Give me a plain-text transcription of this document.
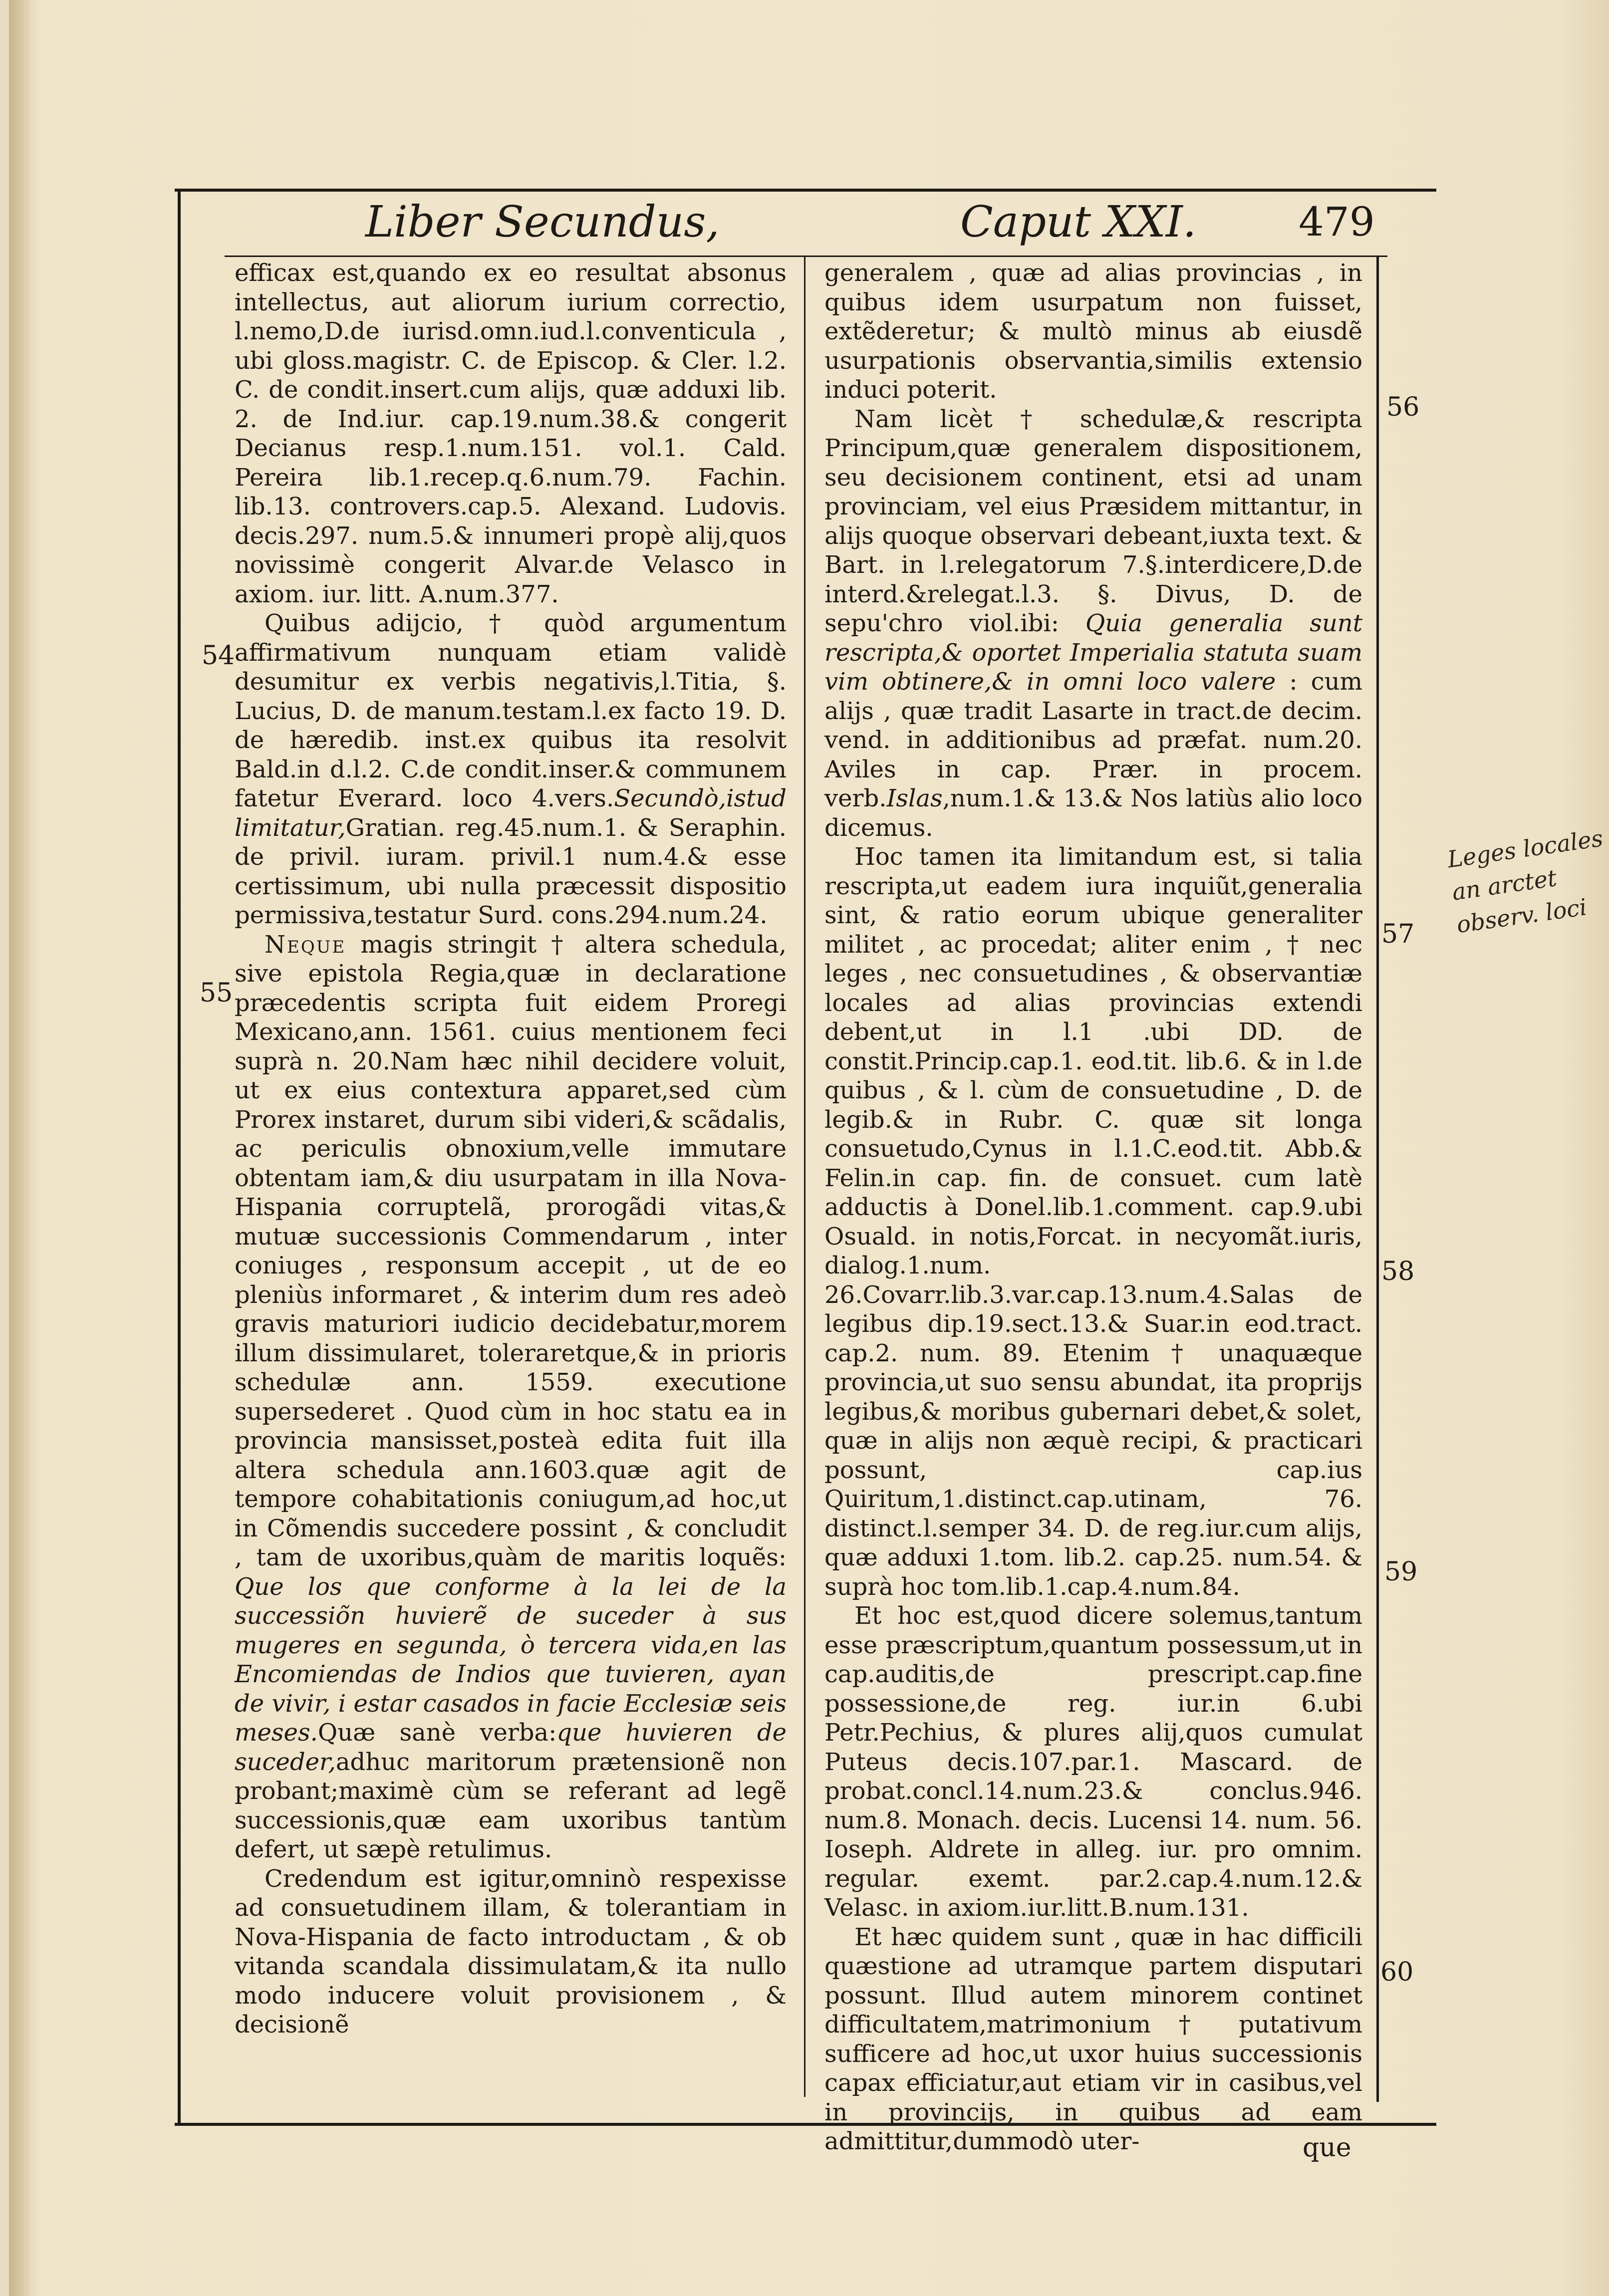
Liber Secundus,	Caput XXI.	479

efficax est,quando ex eo resultat absonus intellectus, aut aliorum iurium correctio, l.nemo,D.de iurisd.omn.iud.l.conventicula , ubi gloss.magistr. C. de Episcop. & Cler. l.2. C. de condit.insert.cum alijs, quæ adduxi lib. 2. de Ind.iur. cap.19.num.38.& congerit Decianus resp.1.num.151. vol.1. Cald. Pereira lib.1.recep.q.6.num.79. Fachin. lib.13. controvers.cap.5. Alexand. Ludovis. decis.297. num.5.& innumeri propè alij,quos novissimè congerit Alvar.de Velasco in axiom. iur. litt. A.num.377.

Quibus adijcio, † quòd argumentum affirmativum nunquam etiam validè desumitur ex verbis negativis,l.Titia, §. Lucius, D. de manum.testam.l.ex facto 19. D. de hæredib. inst.ex quibus ita resolvit Bald.in d.l.2. C.de condit.inser.& communem fatetur Everard. loco 4.vers.Secundò,istud limitatur,Gratian. reg.45.num.1. & Seraphin. de privil. iuram. privil.1 num.4.& esse certissimum, ubi nulla præcessit dispositio permissiva,testatur Surd. cons.294.num.24.

Neque magis stringit † altera schedula, sive epistola Regia,quæ in declaratione præcedentis scripta fuit eidem Proregi Mexicano,ann. 1561. cuius mentionem feci suprà n. 20.Nam hæc nihil decidere voluit, ut ex eius contextura apparet,sed cùm Prorex instaret, durum sibi videri,& scãdalis, ac periculis obnoxium,velle immutare obtentam iam,& diu usurpatam in illa Nova-Hispania corruptelã, prorogãdi vitas,& mutuæ successionis Commendarum , inter coniuges , responsum accepit , ut de eo pleniùs informaret , & interim dum res adeò gravis maturiori iudicio decidebatur,morem illum dissimularet, toleraretque,& in prioris schedulæ ann. 1559. executione supersederet . Quod cùm in hoc statu ea in provincia mansisset,posteà edita fuit illa altera schedula ann.1603.quæ agit de tempore cohabitationis coniugum,ad hoc,ut in Cõmendis succedere possint , & concludit , tam de uxoribus,quàm de maritis loquẽs: Que los que conforme à la lei de la successiõn huvierẽ de suceder à sus mugeres en segunda, ò tercera vida,en las Encomiendas de Indios que tuvieren, ayan de vivir, i estar casados in facie Ecclesiæ seis meses.Quæ sanè verba:que huvieren de suceder,adhuc maritorum prætensionẽ non probant;maximè cùm se referant ad legẽ successionis,quæ eam uxoribus tantùm defert, ut sæpè retulimus.

Credendum est igitur,omninò respexisse ad consuetudinem illam, & tolerantiam in Nova-Hispania de facto introductam , & ob vitanda scandala dissimulatam,& ita nullo modo inducere voluit provisionem , & decisionẽ

generalem , quæ ad alias provincias , in quibus idem usurpatum non fuisset, extẽderetur; & multò minus ab eiusdẽ usurpationis observantia,similis extensio induci poterit.

Nam licèt † schedulæ,& rescripta Principum,quæ generalem dispositionem, seu decisionem continent, etsi ad unam provinciam, vel eius Præsidem mittantur, in alijs quoque observari debeant,iuxta text. & Bart. in l.relegatorum 7.§.interdicere,D.de interd.&relegat.l.3. §. Divus, D. de sepu'chro viol.ibi: Quia generalia sunt rescripta,& oportet Imperialia statuta suam vim obtinere,& in omni loco valere : cum alijs , quæ tradit Lasarte in tract.de decim. vend. in additionibus ad præfat. num.20. Aviles in cap. Prær. in procem. verb.Islas,num.1.& 13.& Nos latiùs alio loco dicemus.

Hoc tamen ita limitandum est, si talia rescripta,ut eadem iura inquiũt,generalia sint, & ratio eorum ubique generaliter militet , ac procedat; aliter enim , † nec leges , nec consuetudines , & observantiæ locales ad alias provincias extendi debent,ut in l.1 .ubi DD. de constit.Princip.cap.1. eod.tit. lib.6. & in l.de quibus , & l. cùm de consuetudine , D. de legib.& in Rubr. C. quæ sit longa consuetudo,Cynus in l.1.C.eod.tit. Abb.& Felin.in cap. fin. de consuet. cum latè adductis à Donel.lib.1.comment. cap.9.ubi Osuald. in notis,Forcat. in necyomãt.iuris, dialog.1.num. 26.Covarr.lib.3.var.cap.13.num.4.Salas de legibus dip.19.sect.13.& Suar.in eod.tract. cap.2. num. 89. Etenim † unaquæque provincia,ut suo sensu abundat, ita proprijs legibus,& moribus gubernari debet,& solet, quæ in alijs non æquè recipi, & practicari possunt, cap.ius Quiritum,1.distinct.cap.utinam, 76. distinct.l.semper 34. D. de reg.iur.cum alijs, quæ adduxi 1.tom. lib.2. cap.25. num.54. & suprà hoc tom.lib.1.cap.4.num.84.

Et hoc est,quod dicere solemus,tantum esse præscriptum,quantum possessum,ut in cap.auditis,de prescript.cap.fine possessione,de reg. iur.in 6.ubi Petr.Pechius, & plures alij,quos cumulat Puteus decis.107.par.1. Mascard. de probat.concl.14.num.23.& conclus.946. num.8. Monach. decis. Lucensi 14. num. 56. Ioseph. Aldrete in alleg. iur. pro omnim. regular. exemt. par.2.cap.4.num.12.& Velasc. in axiom.iur.litt.B.num.131.

Et hæc quidem sunt , quæ in hac difficili quæstione ad utramque partem disputari possunt. Illud autem minorem continet difficultatem,matrimonium † putativum sufficere ad hoc,ut uxor huius successionis capax efficiatur,aut etiam vir in casibus,vel in provincijs, in quibus ad eam admittitur,dummodò uter-

54
55
56
57
58
59
60
Leges locales an arctet observ. loci
que
